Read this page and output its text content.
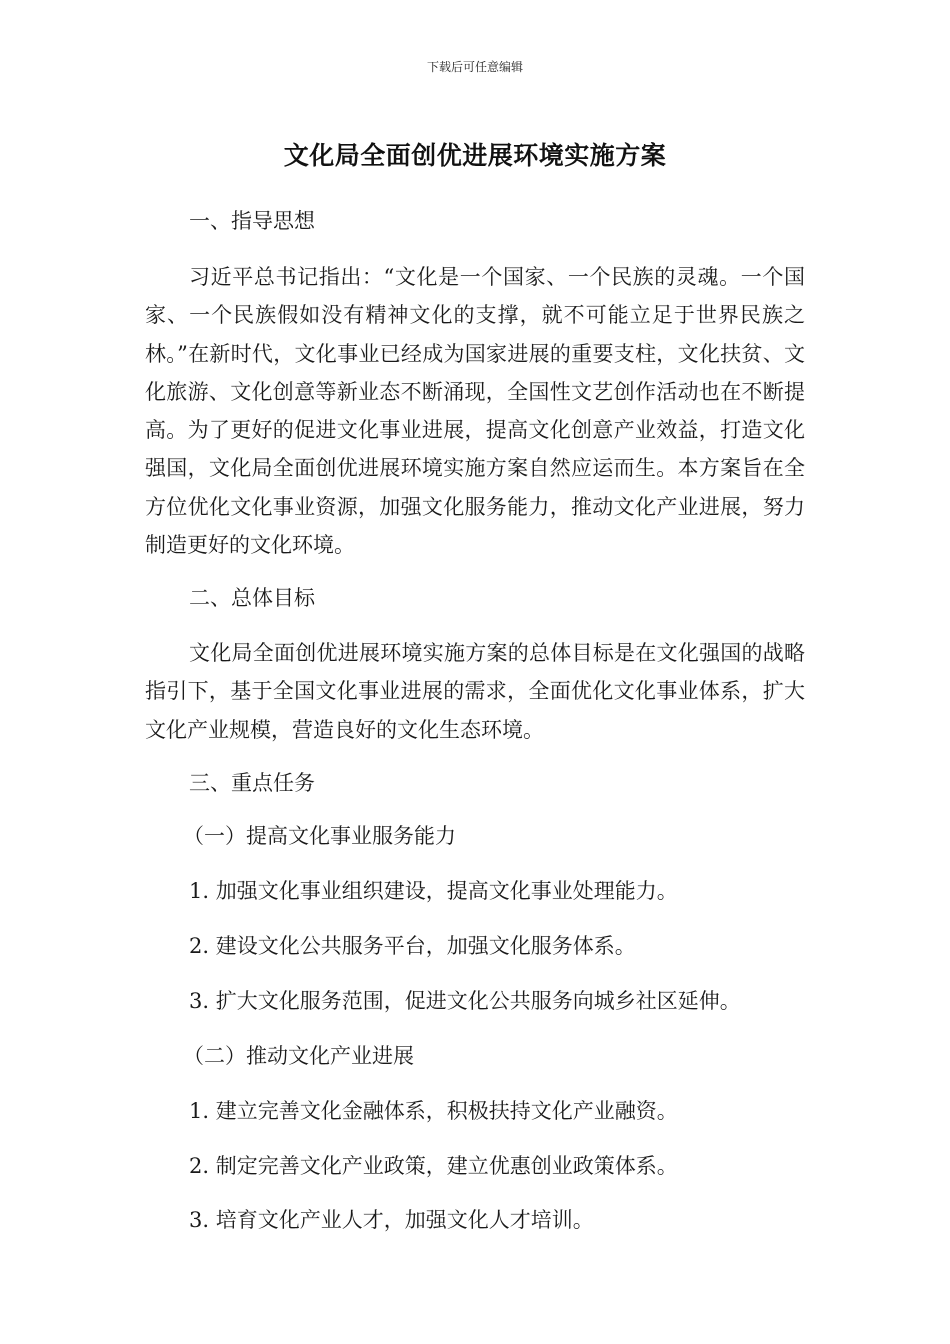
下载后可任意编辑
文化局全面创优进展环境实施方案
一、指导思想
习近平总书记指出：“文化是一个国家、一个民族的灵魂。一个国家、一个民族假如没有精神文化的支撑，就不可能立足于世界民族之林。”在新时代，文化事业已经成为国家进展的重要支柱，文化扶贫、文化旅游、文化创意等新业态不断涌现，全国性文艺创作活动也在不断提高。为了更好的促进文化事业进展，提高文化创意产业效益，打造文化强国，文化局全面创优进展环境实施方案自然应运而生。本方案旨在全方位优化文化事业资源，加强文化服务能力，推动文化产业进展，努力制造更好的文化环境。
二、总体目标
文化局全面创优进展环境实施方案的总体目标是在文化强国的战略指引下，基于全国文化事业进展的需求，全面优化文化事业体系，扩大文化产业规模，营造良好的文化生态环境。
三、重点任务
（一）提高文化事业服务能力
1. 加强文化事业组织建设，提高文化事业处理能力。
2. 建设文化公共服务平台，加强文化服务体系。
3. 扩大文化服务范围，促进文化公共服务向城乡社区延伸。
（二）推动文化产业进展
1. 建立完善文化金融体系，积极扶持文化产业融资。
2. 制定完善文化产业政策，建立优惠创业政策体系。
3. 培育文化产业人才，加强文化人才培训。
